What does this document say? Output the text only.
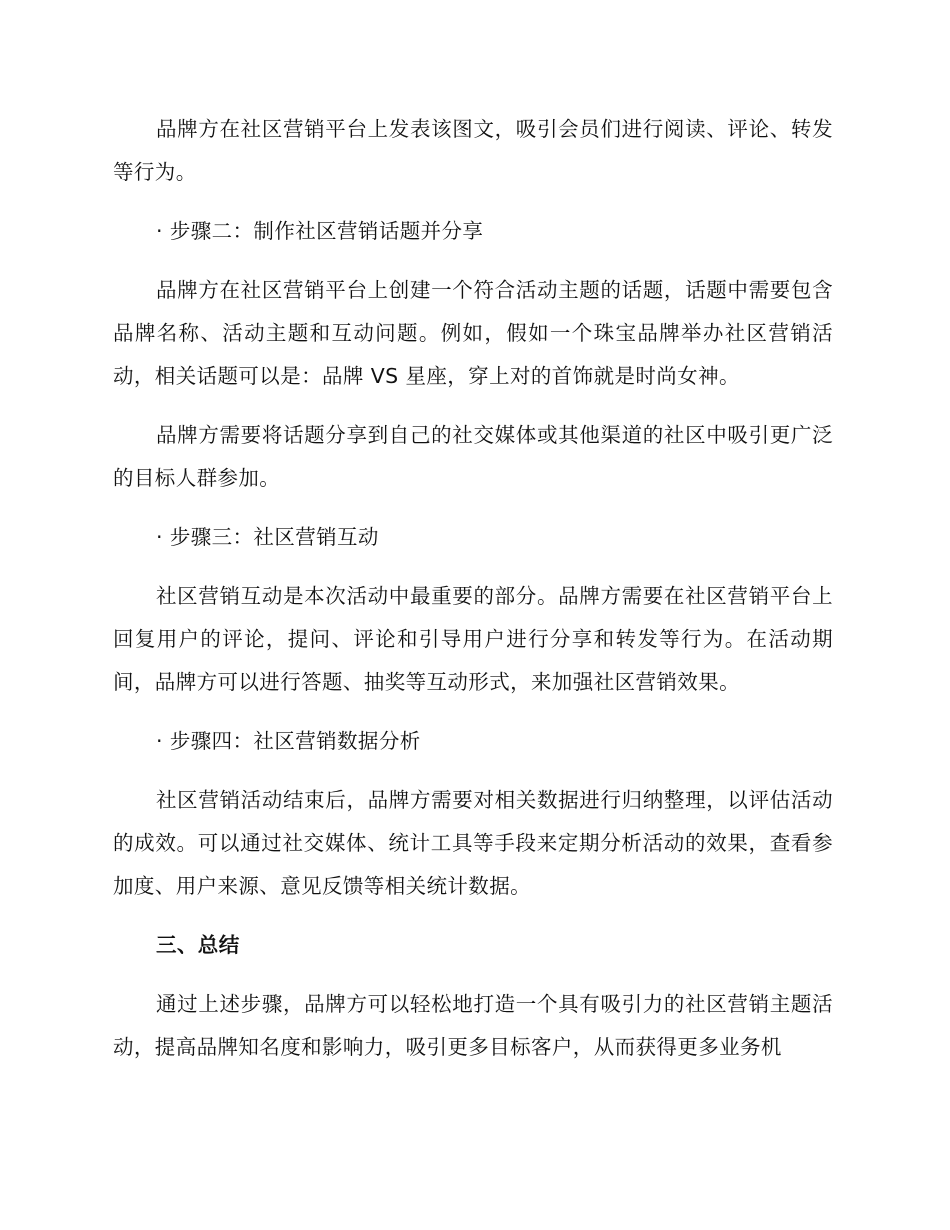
品牌方在社区营销平台上发表该图文，吸引会员们进行阅读、评论、转发等行为。

· 步骤二：制作社区营销话题并分享

品牌方在社区营销平台上创建一个符合活动主题的话题，话题中需要包含品牌名称、活动主题和互动问题。例如，假如一个珠宝品牌举办社区营销活动，相关话题可以是：品牌 VS 星座，穿上对的首饰就是时尚女神。

品牌方需要将话题分享到自己的社交媒体或其他渠道的社区中吸引更广泛的目标人群参加。

· 步骤三：社区营销互动

社区营销互动是本次活动中最重要的部分。品牌方需要在社区营销平台上回复用户的评论，提问、评论和引导用户进行分享和转发等行为。在活动期间，品牌方可以进行答题、抽奖等互动形式，来加强社区营销效果。

· 步骤四：社区营销数据分析

社区营销活动结束后，品牌方需要对相关数据进行归纳整理，以评估活动的成效。可以通过社交媒体、统计工具等手段来定期分析活动的效果，查看参加度、用户来源、意见反馈等相关统计数据。

三、总结

通过上述步骤，品牌方可以轻松地打造一个具有吸引力的社区营销主题活动，提高品牌知名度和影响力，吸引更多目标客户，从而获得更多业务机
